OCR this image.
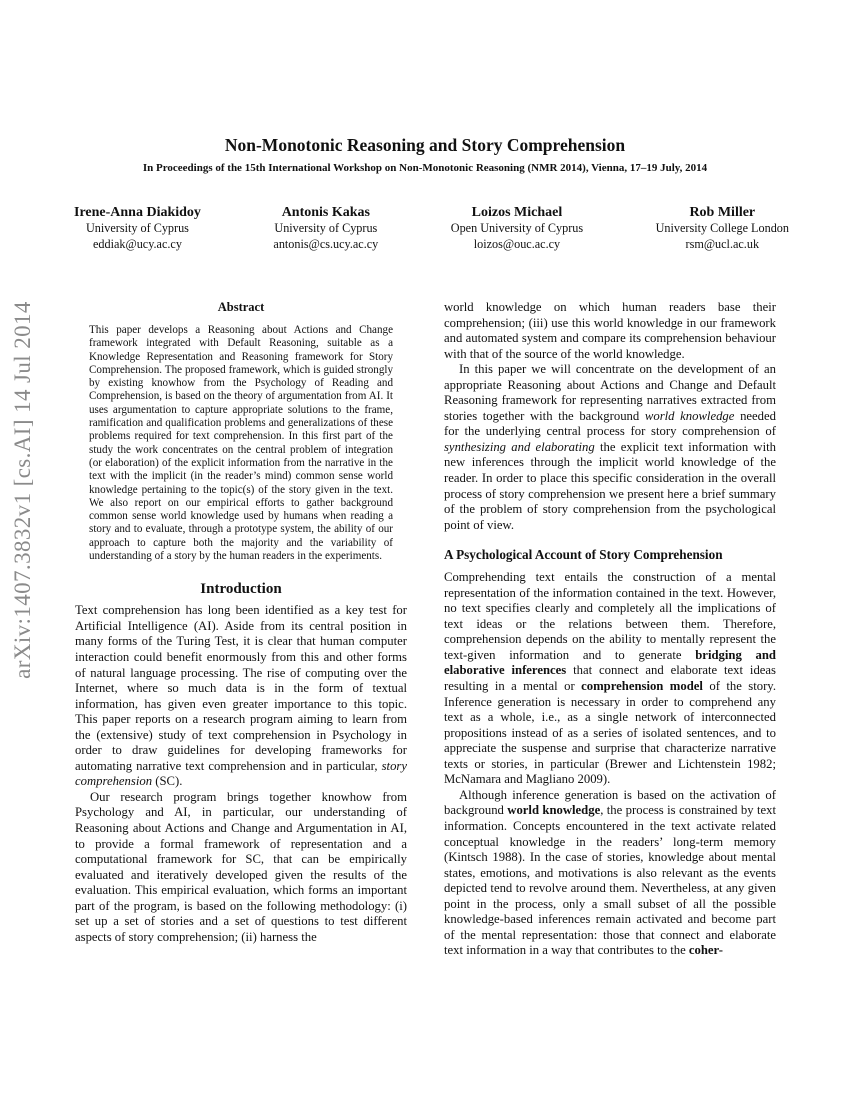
arXiv:1407.3832v1 [cs.AI] 14 Jul 2014
Non-Monotonic Reasoning and Story Comprehension
In Proceedings of the 15th International Workshop on Non-Monotonic Reasoning (NMR 2014), Vienna, 17–19 July, 2014
Irene-Anna Diakidoy
University of Cyprus
eddiak@ucy.ac.cy
Antonis Kakas
University of Cyprus
antonis@cs.ucy.ac.cy
Loizos Michael
Open University of Cyprus
loizos@ouc.ac.cy
Rob Miller
University College London
rsm@ucl.ac.uk
Abstract

This paper develops a Reasoning about Actions and Change framework integrated with Default Reasoning, suitable as a Knowledge Representation and Reasoning framework for Story Comprehension. The proposed framework, which is guided strongly by existing knowhow from the Psychology of Reading and Comprehension, is based on the theory of argumentation from AI. It uses argumentation to capture appropriate solutions to the frame, ramification and qualification problems and generalizations of these problems required for text comprehension. In this first part of the study the work concentrates on the central problem of integration (or elaboration) of the explicit information from the narrative in the text with the implicit (in the reader’s mind) common sense world knowledge pertaining to the topic(s) of the story given in the text. We also report on our empirical efforts to gather background common sense world knowledge used by humans when reading a story and to evaluate, through a prototype system, the ability of our approach to capture both the majority and the variability of understanding of a story by the human readers in the experiments.

Introduction

Text comprehension has long been identified as a key test for Artificial Intelligence (AI). Aside from its central position in many forms of the Turing Test, it is clear that human computer interaction could benefit enormously from this and other forms of natural language processing. The rise of computing over the Internet, where so much data is in the form of textual information, has given even greater importance to this topic. This paper reports on a research program aiming to learn from the (extensive) study of text comprehension in Psychology in order to draw guidelines for developing frameworks for automating narrative text comprehension and in particular, story comprehension (SC).

Our research program brings together knowhow from Psychology and AI, in particular, our understanding of Reasoning about Actions and Change and Argumentation in AI, to provide a formal framework of representation and a computational framework for SC, that can be empirically evaluated and iteratively developed given the results of the evaluation. This empirical evaluation, which forms an important part of the program, is based on the following methodology: (i) set up a set of stories and a set of questions to test different aspects of story comprehension; (ii) harness the

world knowledge on which human readers base their comprehension; (iii) use this world knowledge in our framework and automated system and compare its comprehension behaviour with that of the source of the world knowledge.

In this paper we will concentrate on the development of an appropriate Reasoning about Actions and Change and Default Reasoning framework for representing narratives extracted from stories together with the background world knowledge needed for the underlying central process for story comprehension of synthesizing and elaborating the explicit text information with new inferences through the implicit world knowledge of the reader. In order to place this specific consideration in the overall process of story comprehension we present here a brief summary of the problem of story comprehension from the psychological point of view.

A Psychological Account of Story Comprehension

Comprehending text entails the construction of a mental representation of the information contained in the text. However, no text specifies clearly and completely all the implications of text ideas or the relations between them. Therefore, comprehension depends on the ability to mentally represent the text-given information and to generate bridging and elaborative inferences that connect and elaborate text ideas resulting in a mental or comprehension model of the story. Inference generation is necessary in order to comprehend any text as a whole, i.e., as a single network of interconnected propositions instead of as a series of isolated sentences, and to appreciate the suspense and surprise that characterize narrative texts or stories, in particular (Brewer and Lichtenstein 1982; McNamara and Magliano 2009).

Although inference generation is based on the activation of background world knowledge, the process is constrained by text information. Concepts encountered in the text activate related conceptual knowledge in the readers’ long-term memory (Kintsch 1988). In the case of stories, knowledge about mental states, emotions, and motivations is also relevant as the events depicted tend to revolve around them. Nevertheless, at any given point in the process, only a small subset of all the possible knowledge-based inferences remain activated and become part of the mental representation: those that connect and elaborate text information in a way that contributes to the coher-
